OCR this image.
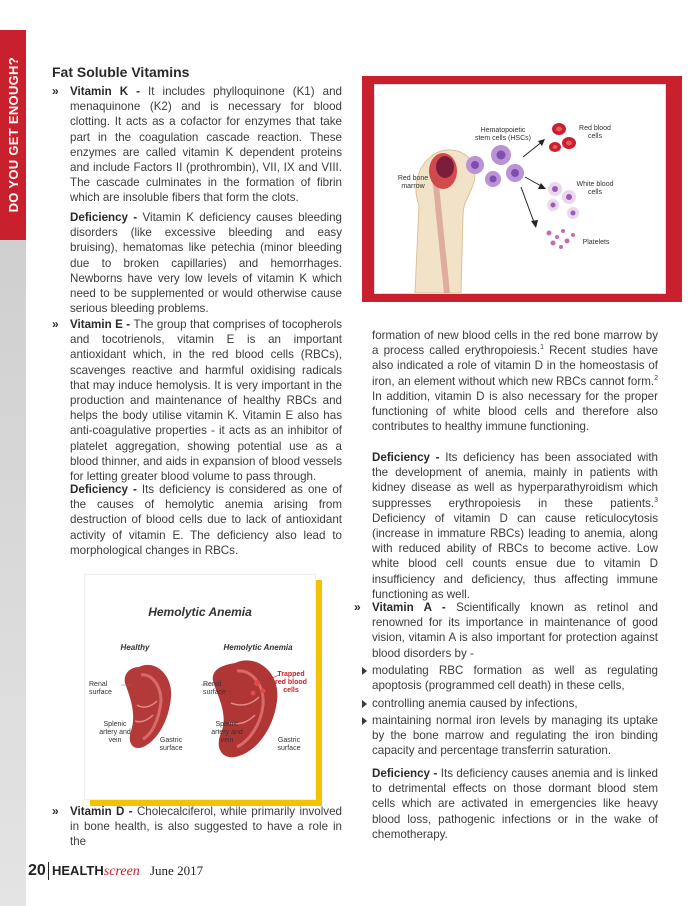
DO YOU GET ENOUGH? Fat Soluble Vitamins
» Vitamin K - It includes phylloquinone (K1) and menaquinone (K2) and is necessary for blood clotting. It acts as a cofactor for enzymes that take part in the coagulation cascade reaction. These enzymes are called vitamin K dependent proteins and include Factors II (prothrombin), VII, IX and VIII. The cascade culminates in the formation of fibrin which are insoluble fibers that form the clots.
Deficiency - Vitamin K deficiency causes bleeding disorders (like excessive bleeding and easy bruising), hematomas like petechia (minor bleeding due to broken capillaries) and hemorrhages. Newborns have very low levels of vitamin K which need to be supplemented or would otherwise cause serious bleeding problems.
» Vitamin E - The group that comprises of tocopherols and tocotrienols, vitamin E is an important antioxidant which, in the red blood cells (RBCs), scavenges reactive and harmful oxidising radicals that may induce hemolysis. It is very important in the production and maintenance of healthy RBCs and helps the body utilise vitamin K. Vitamin E also has anti-coagulative properties - it acts as an inhibitor of platelet aggregation, showing potential use as a blood thinner, and aids in expansion of blood vessels for letting greater blood volume to pass through.
Deficiency - Its deficiency is considered as one of the causes of hemolytic anemia arising from destruction of blood cells due to lack of antioxidant activity of vitamin E. The deficiency also lead to morphological changes in RBCs.
Hemolytic Anemia
Healthy	Hemolytic Anemia
Renal surface
Renal surface
Trapped red blood cells
Splenic artery and vein
Splenic artery and vein
Gastric surface
Gastric surface
» Vitamin D - Cholecalciferol, while primarily involved in bone health, is also suggested to have a role in the
Hematopoietic stem cells (HSCs)
Red blood cells
Red bone marrow	White blood cells
Platelets
formation of new blood cells in the red bone marrow by a process called erythropoiesis.$^1$ Recent studies have also indicated a role of vitamin D in the homeostasis of iron, an element without which new RBCs cannot form.$^2$ In addition, vitamin D is also necessary for the proper functioning of white blood cells and therefore also contributes to healthy immune functioning.
Deficiency - Its deficiency has been associated with the development of anemia, mainly in patients with kidney disease as well as hyperparathyroidism which suppresses erythropoiesis in these patients.$^3$ Deficiency of vitamin D can cause reticulocytosis (increase in immature RBCs) leading to anemia, along with reduced ability of RBCs to become active. Low white blood cell counts ensue due to vitamin D insufficiency and deficiency, thus affecting immune functioning as well.
» Vitamin A - Scientifically known as retinol and renowned for its importance in maintenance of good vision, vitamin A is also important for protection against blood disorders by -
modulating RBC formation as well as regulating apoptosis (programmed cell death) in these cells,
controlling anemia caused by infections,
maintaining normal iron levels by managing its uptake by the bone marrow and regulating the iron binding capacity and percentage transferrin saturation.
Deficiency - Its deficiency causes anemia and is linked to detrimental effects on those dormant blood stem cells which are activated in emergencies like heavy blood loss, pathogenic infections or in the wake of chemotherapy.
20 HEALTHscreen June 2017
